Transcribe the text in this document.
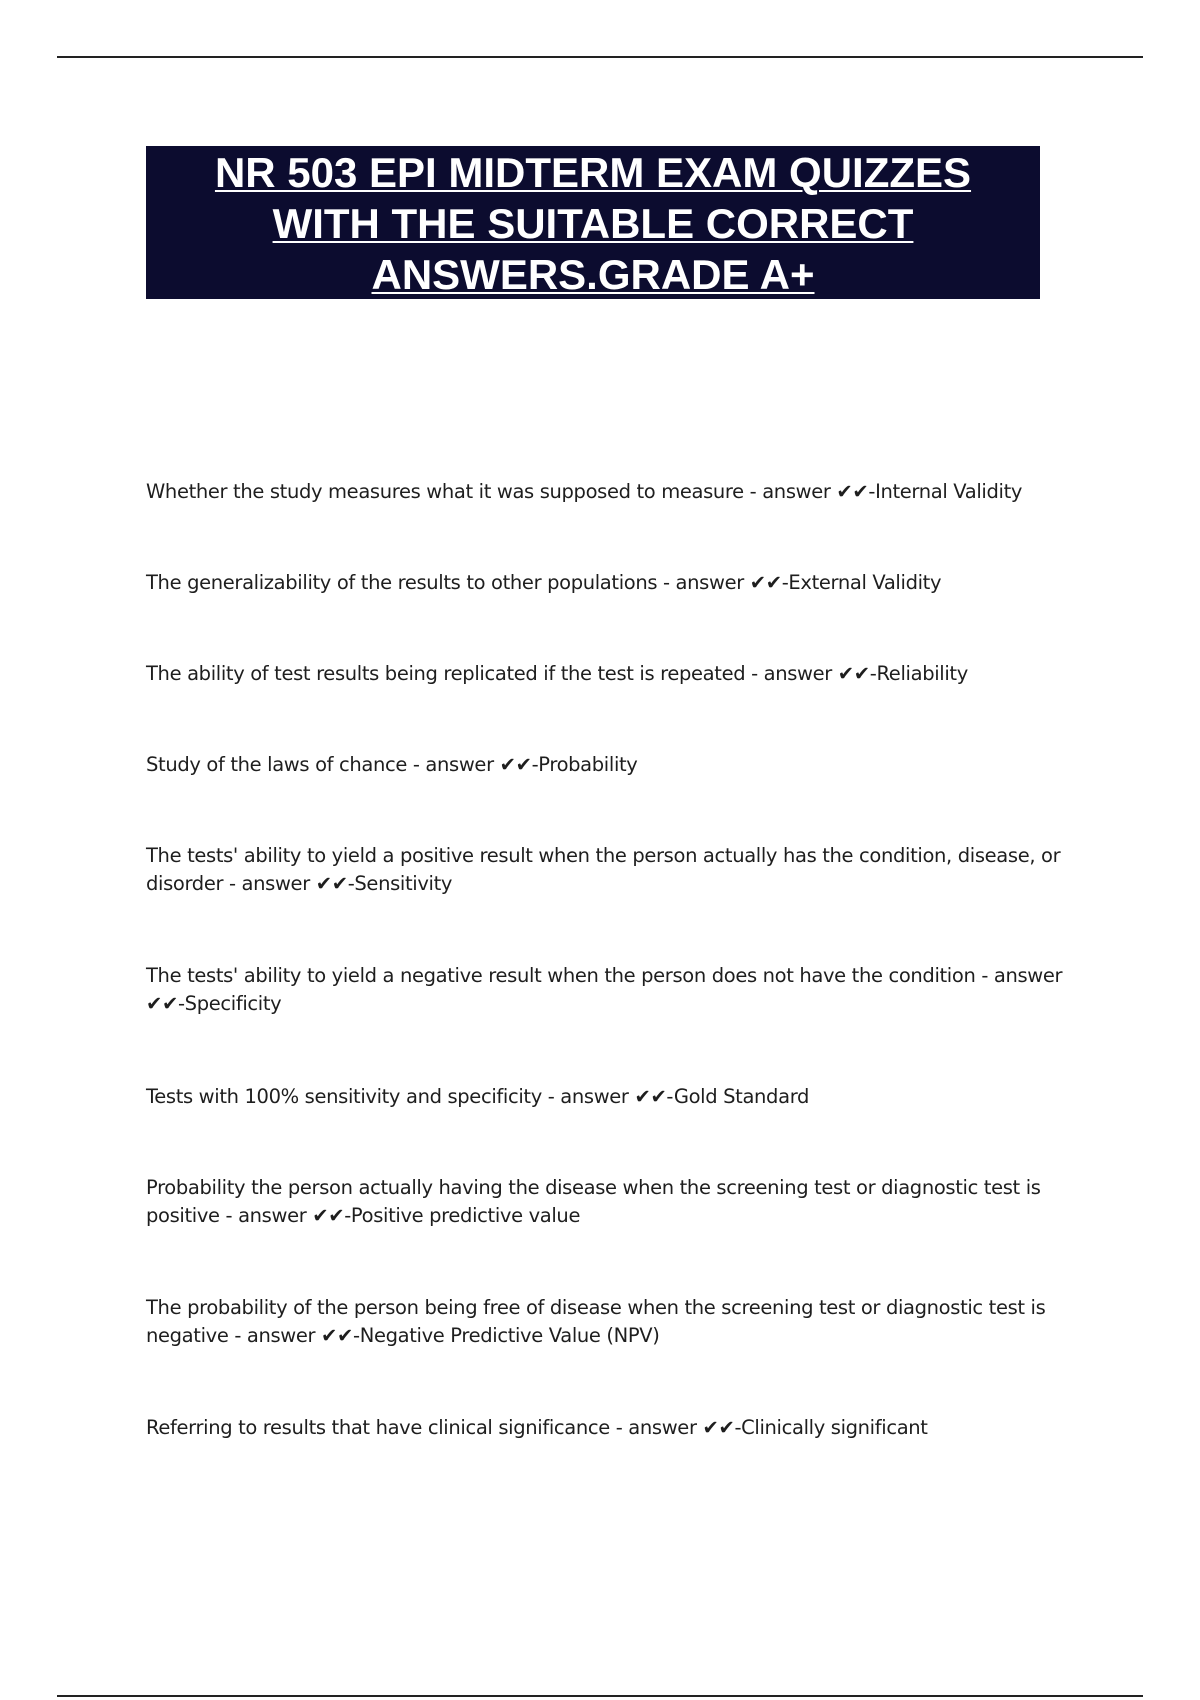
NR 503 EPI MIDTERM EXAM QUIZZES WITH THE SUITABLE CORRECT ANSWERS.GRADE A+
Whether the study measures what it was supposed to measure - answer ✔✔-Internal Validity
The generalizability of the results to other populations - answer ✔✔-External Validity
The ability of test results being replicated if the test is repeated - answer ✔✔-Reliability
Study of the laws of chance - answer ✔✔-Probability
The tests' ability to yield a positive result when the person actually has the condition, disease, or disorder - answer ✔✔-Sensitivity
The tests' ability to yield a negative result when the person does not have the condition - answer ✔✔-Specificity
Tests with 100% sensitivity and specificity - answer ✔✔-Gold Standard
Probability the person actually having the disease when the screening test or diagnostic test is positive - answer ✔✔-Positive predictive value
The probability of the person being free of disease when the screening test or diagnostic test is negative - answer ✔✔-Negative Predictive Value (NPV)
Referring to results that have clinical significance - answer ✔✔-Clinically significant
